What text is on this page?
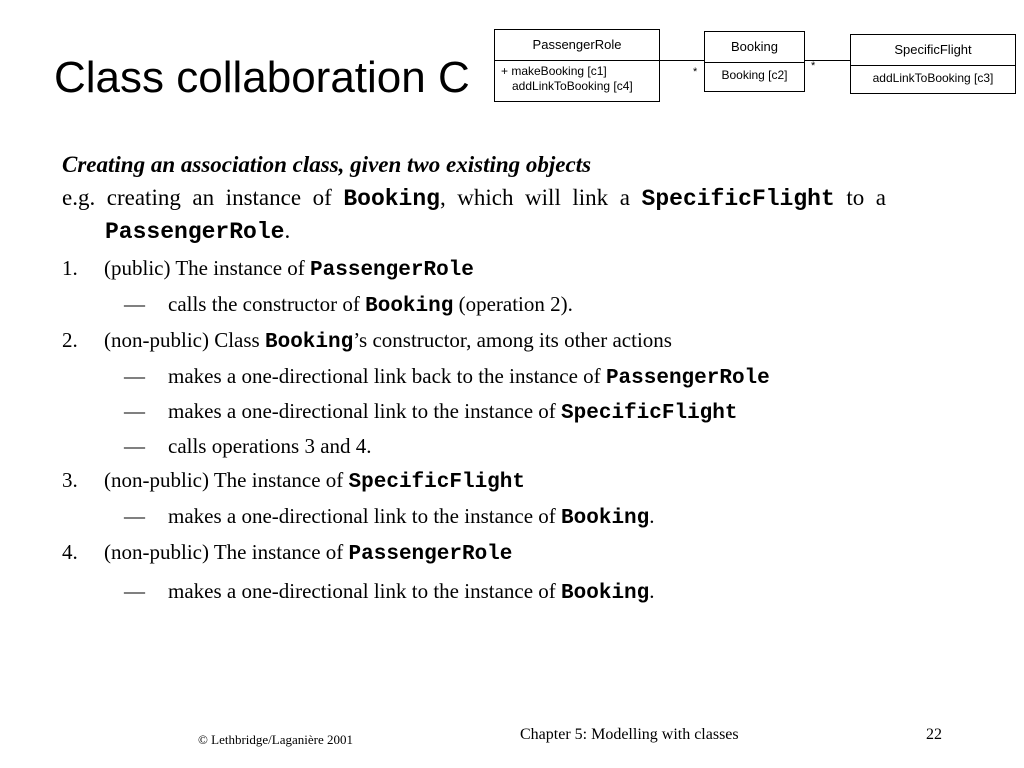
Class collaboration C	*	*
PassengerRole
+ makeBooking [c1]
addLinkToBooking [c4]
Booking
Booking [c2]
SpecificFlight
addLinkToBooking [c3]

Creating an association class, given two existing objects

e.g. creating an instance of Booking, which will link a SpecificFlight to a PassengerRole.

1. (public) The instance of PassengerRole
— calls the constructor of Booking (operation 2).
2. (non-public) Class Booking’s constructor, among its other actions
— makes a one-directional link back to the instance of PassengerRole
— makes a one-directional link to the instance of SpecificFlight
— calls operations 3 and 4.
3. (non-public) The instance of SpecificFlight
— makes a one-directional link to the instance of Booking.
4. (non-public) The instance of PassengerRole
— makes a one-directional link to the instance of Booking.
© Lethbridge/Laganière 2001	Chapter 5: Modelling with classes	22
